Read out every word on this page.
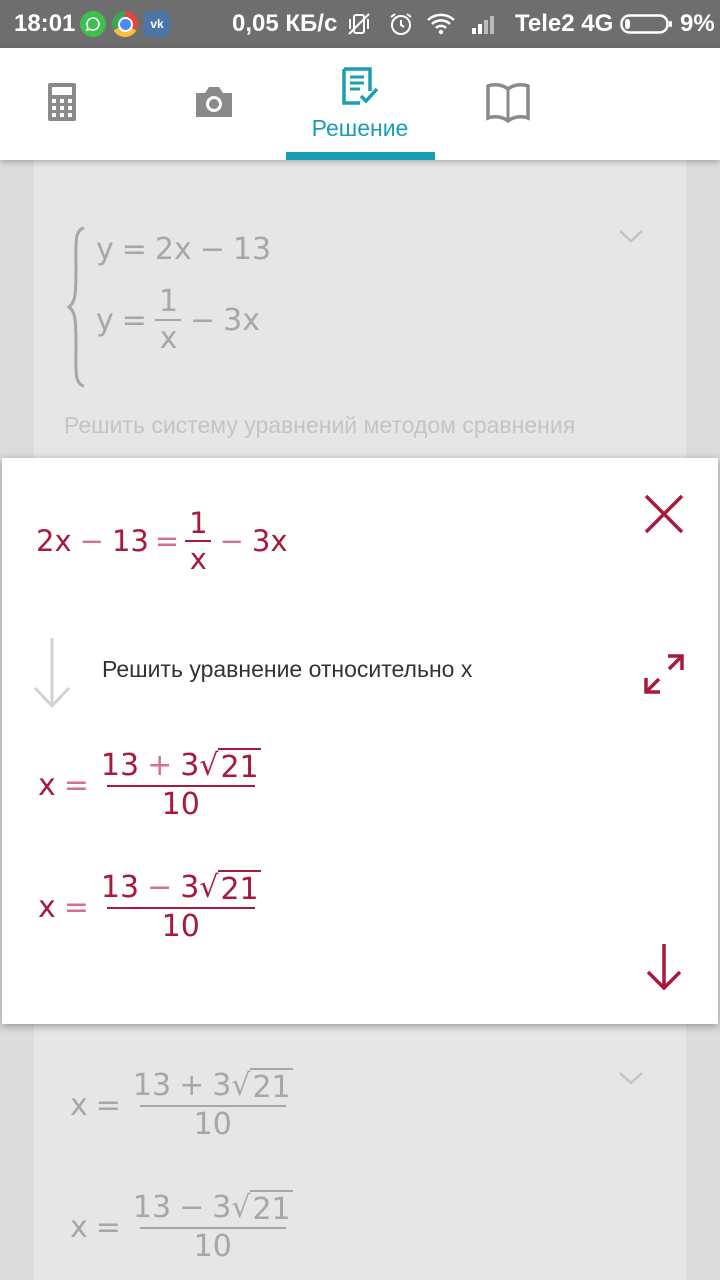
18:01	vk	0,05 КБ/с	Tele2 4G	9%
Решение
y = 2x − 13
$y = \frac{1}{x} - 3x$
Решить систему уравнений методом сравнения
$x = \frac{13 + 3 √ 21}{10}$
$x = \frac{13 - 3 √ 21}{10}$
$2x - 13 = \frac{1}{x} - 3x$
Решить уравнение относительно x
$x = \frac{13 + 3 √ 21}{10}$
$x = \frac{13 - 3 √ 21}{10}$
